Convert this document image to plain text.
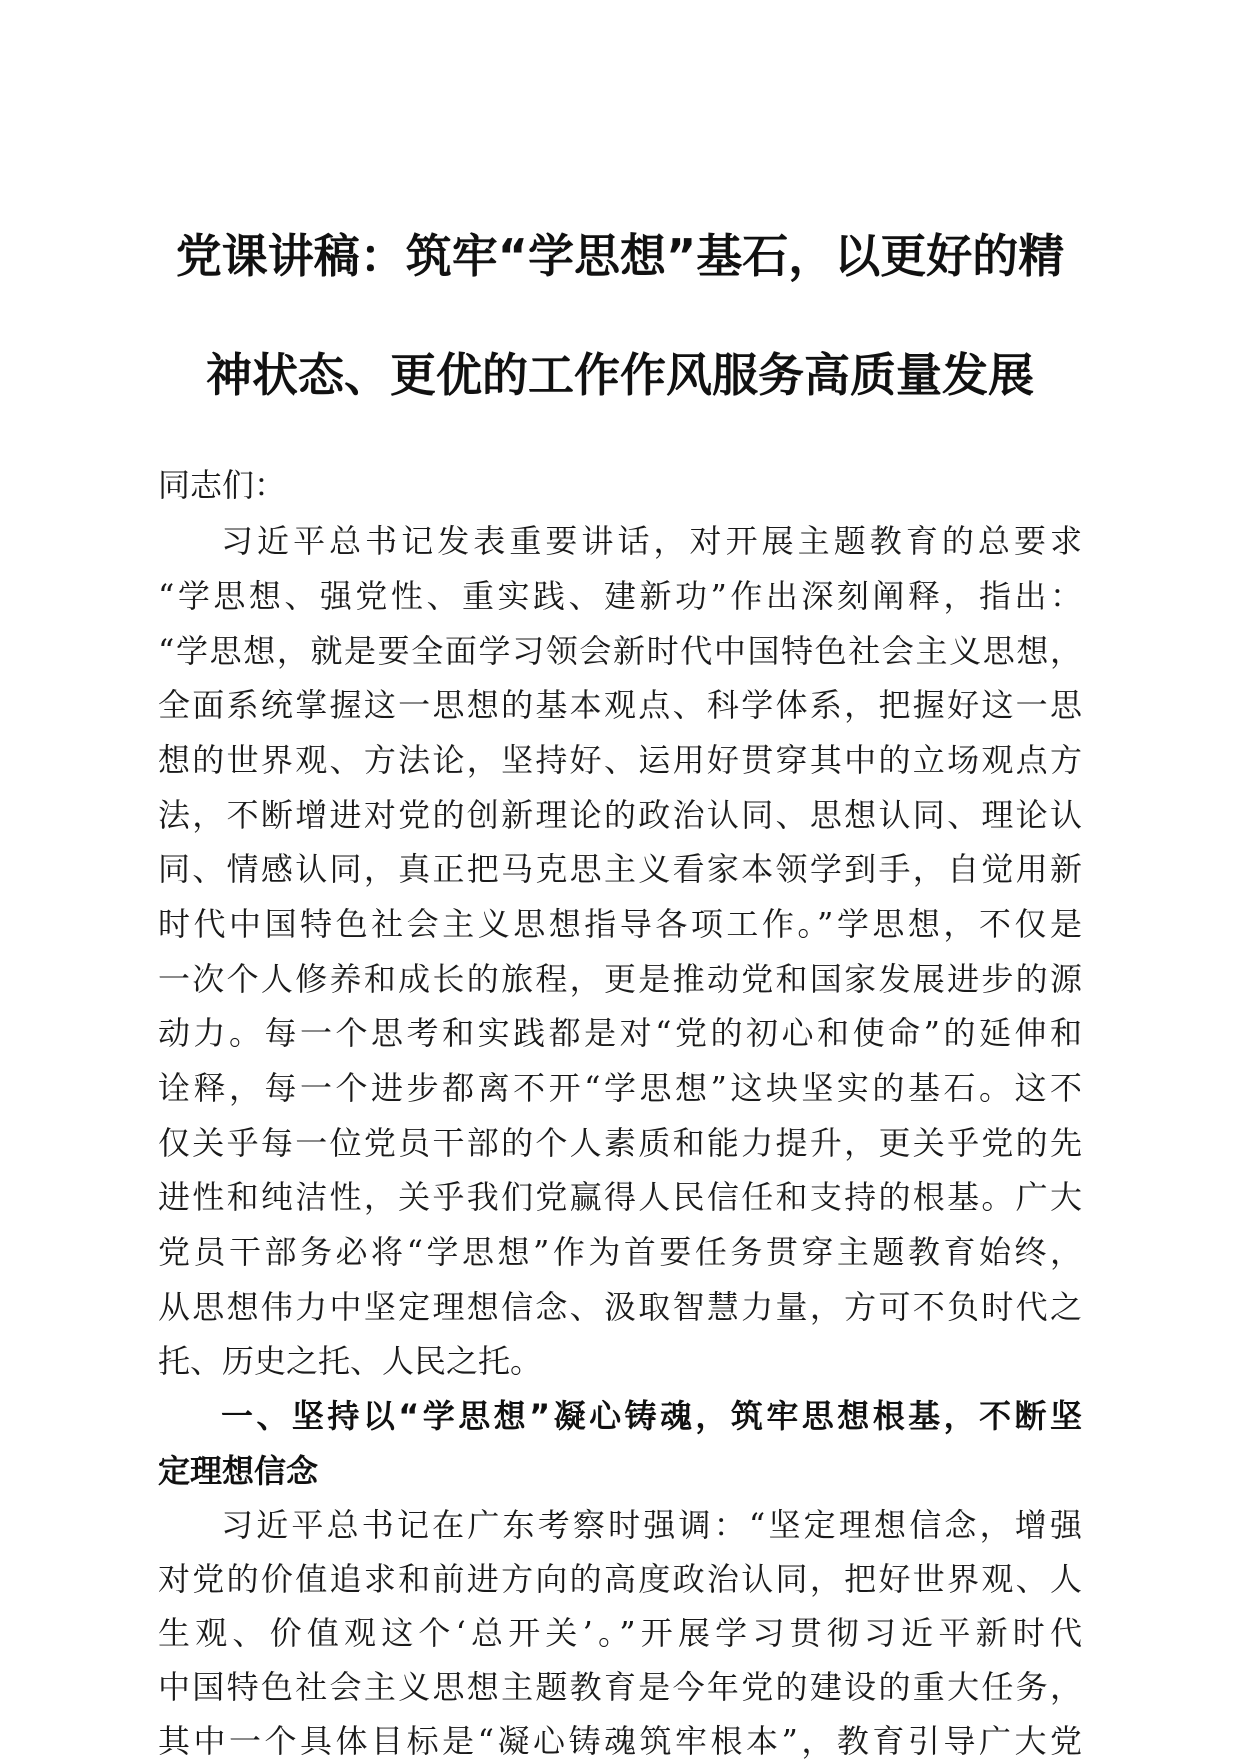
党课讲稿：筑牢“学思想”基石，以更好的精
神状态、更优的工作作风服务高质量发展
同志们：
习近平总书记发表重要讲话，对开展主题教育的总要求
“学思想、强党性、重实践、建新功”作出深刻阐释，指出：
“学思想，就是要全面学习领会新时代中国特色社会主义思想，
全面系统掌握这一思想的基本观点、科学体系，把握好这一思
想的世界观、方法论，坚持好、运用好贯穿其中的立场观点方
法，不断增进对党的创新理论的政治认同、思想认同、理论认
同、情感认同，真正把马克思主义看家本领学到手，自觉用新
时代中国特色社会主义思想指导各项工作。”学思想，不仅是
一次个人修养和成长的旅程，更是推动党和国家发展进步的源
动力。每一个思考和实践都是对“党的初心和使命”的延伸和
诠释，每一个进步都离不开“学思想”这块坚实的基石。这不
仅关乎每一位党员干部的个人素质和能力提升，更关乎党的先
进性和纯洁性，关乎我们党赢得人民信任和支持的根基。广大
党员干部务必将“学思想”作为首要任务贯穿主题教育始终，
从思想伟力中坚定理想信念、汲取智慧力量，方可不负时代之
托、历史之托、人民之托。
一、坚持以“学思想”凝心铸魂，筑牢思想根基，不断坚
定理想信念
习近平总书记在广东考察时强调：“坚定理想信念，增强
对党的价值追求和前进方向的高度政治认同，把好世界观、人
生观、价值观这个‘总开关’。”开展学习贯彻习近平新时代
中国特色社会主义思想主题教育是今年党的建设的重大任务，
其中一个具体目标是“凝心铸魂筑牢根本”，教育引导广大党
